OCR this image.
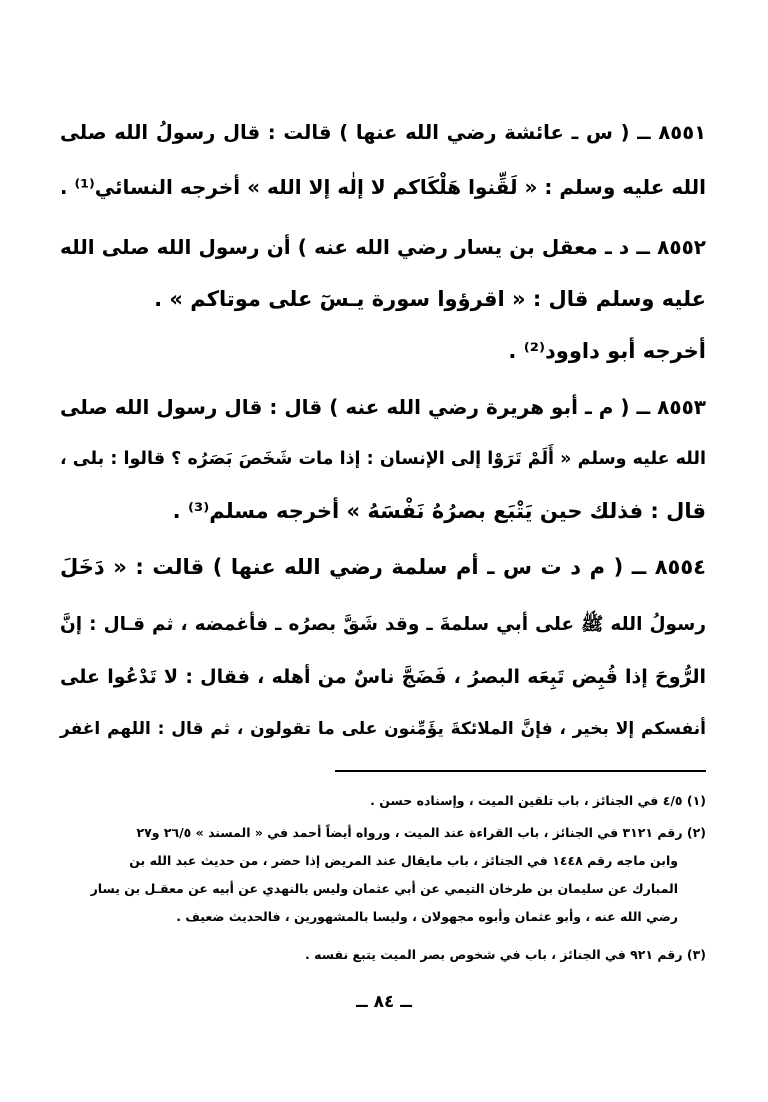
٨٥٥١ ــ ( س ـ عائشة رضي الله عنها ) قالت : قال رسولُ الله صلى
الله عليه وسلم : « لَقِّنوا هَلْكَاكم لا إلٰه إلا الله » أخرجه النسائي⁽¹⁾ .
٨٥٥٢ ــ د ـ معقل بن يسار رضي الله عنه ) أن رسول الله صلى الله
عليه وسلم قال : « اقرؤوا سورة يـسٓ على موتاكم » .
أخرجه أبو داوود⁽²⁾ .
٨٥٥٣ ــ ( م ـ أبو هريرة رضي الله عنه ) قال : قال رسول الله صلى
الله عليه وسلم « أَلَمْ تَرَوْا إلى الإنسان : إذا مات شَخَصَ بَصَرُه ؟ قالوا : بلى ،
قال : فذلك حين يَتْبَع بصرُهُ نَفْسَهُ » أخرجه مسلم⁽³⁾ .
٨٥٥٤ ــ ( م د ت س ـ أم سلمة رضي الله عنها ) قالت : « دَخَلَ
رسولُ الله ﷺ على أبي سلمةَ ـ وقد شَقَّ بصرُه ـ فأغمضه ، ثم قـال : إنَّ
الرُّوحَ إذا قُبِض تَبِعَه البصرُ ، فَضَجَّ ناسٌ من أهله ، فقال : لا تَدْعُوا على
أنفسكم إلا بخير ، فإنَّ الملائكةَ يؤَمِّنون على ما تقولون ، ثم قال : اللهم اغفر
(١) ٤/٥ في الجنائز ، باب تلقين الميت ، وإسناده حسن .
(٢) رقم ٣١٢١ في الجنائز ، باب القراءة عند الميت ، ورواه أيضاً أحمد في « المسند » ٢٦/٥ و٢٧
وابن ماجه رقم ١٤٤٨ في الجنائز ، باب مايقال عند المريض إذا حضر ، من حديث عبد الله بن
المبارك عن سليمان بن طرخان التيمي عن أبي عثمان وليس بالنهدي عن أبيه عن معقـل بن يسار
رضي الله عنه ، وأبو عثمان وأبوه مجهولان ، وليسا بالمشهورين ، فالحديث ضعيف .
(٣) رقم ٩٢١ في الجنائز ، باب في شخوص بصر الميت يتبع نفسه .
ــ ٨٤ ــ
